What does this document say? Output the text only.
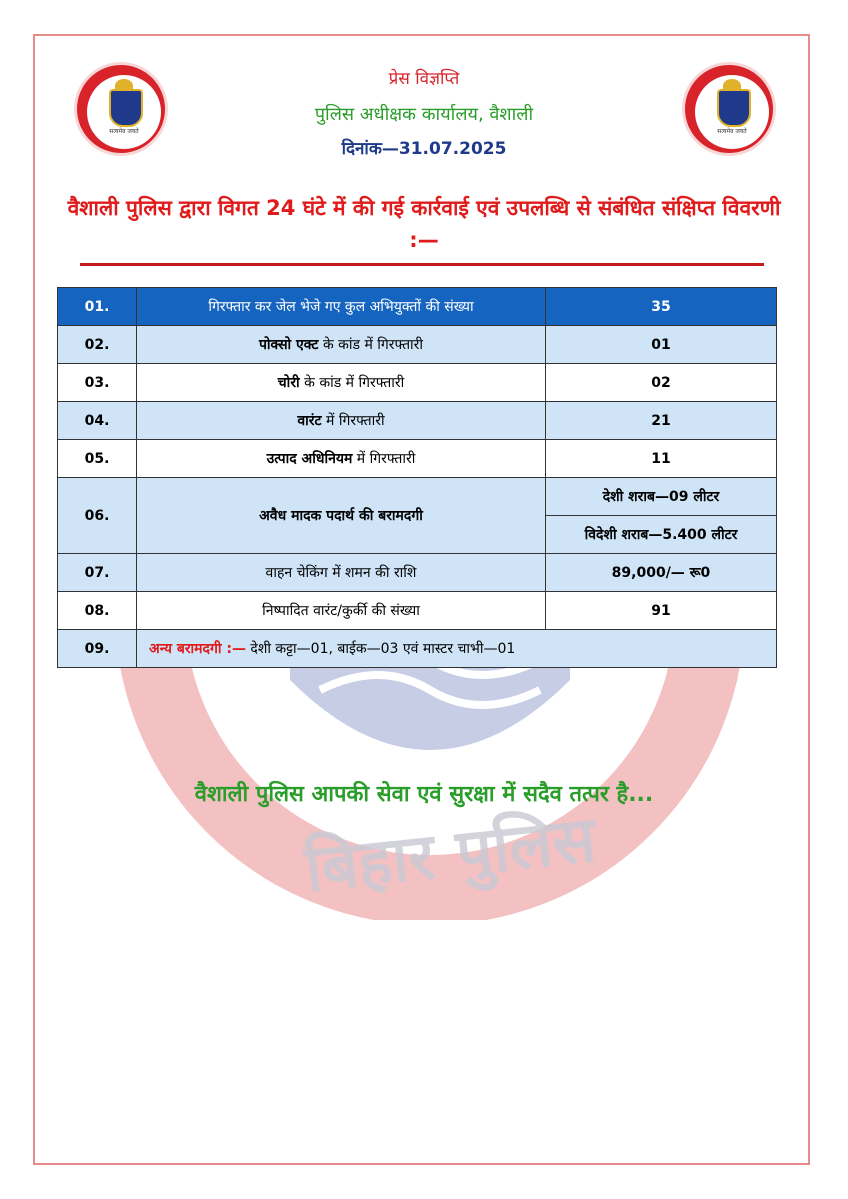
बिहार पुलिस
सत्यमेव जयते	सत्यमेव जयते
प्रेस विज्ञप्ति
पुलिस अधीक्षक कार्यालय, वैशाली
दिनांक—31.07.2025
वैशाली पुलिस द्वारा विगत 24 घंटे में की गई कार्रवाई एवं उपलब्धि से संबंधित संक्षिप्त विवरणी :—
01.	गिरफ्तार कर जेल भेजे गए कुल अभियुक्तों की संख्या	35
02.	पोक्सो एक्ट के कांड में गिरफ्तारी	01
03.	चोरी के कांड में गिरफ्तारी	02
04.	वारंट में गिरफ्तारी	21
05.	उत्पाद अधिनियम में गिरफ्तारी	11
06.	अवैध मादक पदार्थ की बरामदगी	देशी शराब—09 लीटर
		विदेशी शराब—5.400 लीटर
07.	वाहन चेकिंग में शमन की राशि	89,000/— रू0
08.	निष्पादित वारंट/कुर्की की संख्या	91
09.	अन्य बरामदगी :— देशी कट्टा—01, बाईक—03 एवं मास्टर चाभी—01	
वैशाली पुलिस आपकी सेवा एवं सुरक्षा में सदैव तत्पर है...
